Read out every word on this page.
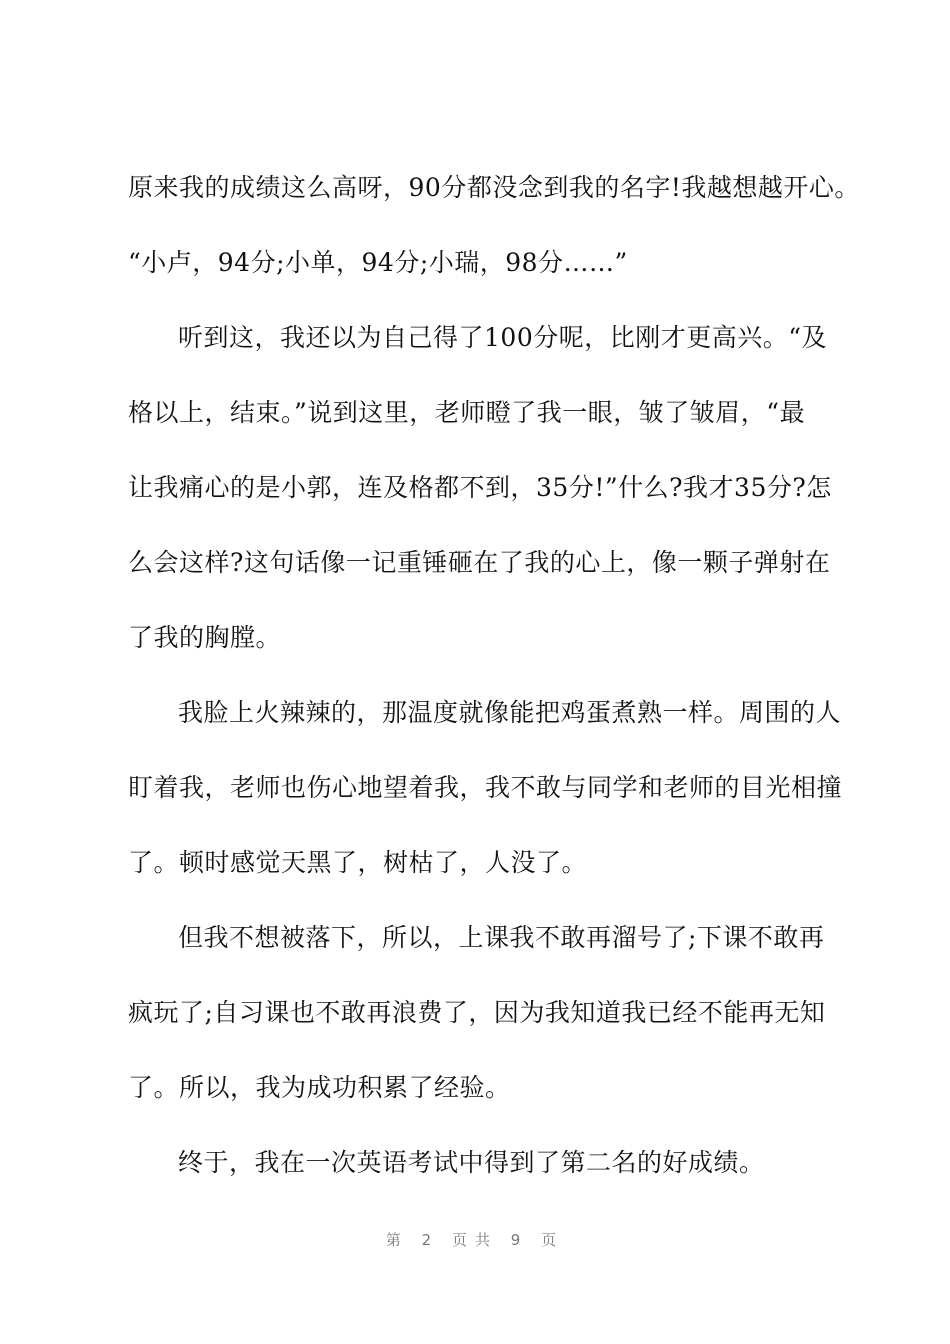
原来我的成绩这么高呀，90分都没念到我的名字!我越想越开心。
“小卢，94分;小单，94分;小瑞，98分……”
听到这，我还以为自己得了100分呢，比刚才更高兴。“及
格以上，结束。”说到这里，老师瞪了我一眼，皱了皱眉，“最
让我痛心的是小郭，连及格都不到，35分!”什么?我才35分?怎
么会这样?这句话像一记重锤砸在了我的心上，像一颗子弹射在
了我的胸膛。
我脸上火辣辣的，那温度就像能把鸡蛋煮熟一样。周围的人
盯着我，老师也伤心地望着我，我不敢与同学和老师的目光相撞
了。顿时感觉天黑了，树枯了，人没了。
但我不想被落下，所以，上课我不敢再溜号了;下课不敢再
疯玩了;自习课也不敢再浪费了，因为我知道我已经不能再无知
了。所以，我为成功积累了经验。
终于，我在一次英语考试中得到了第二名的好成绩。
第 2 页共 9 页
